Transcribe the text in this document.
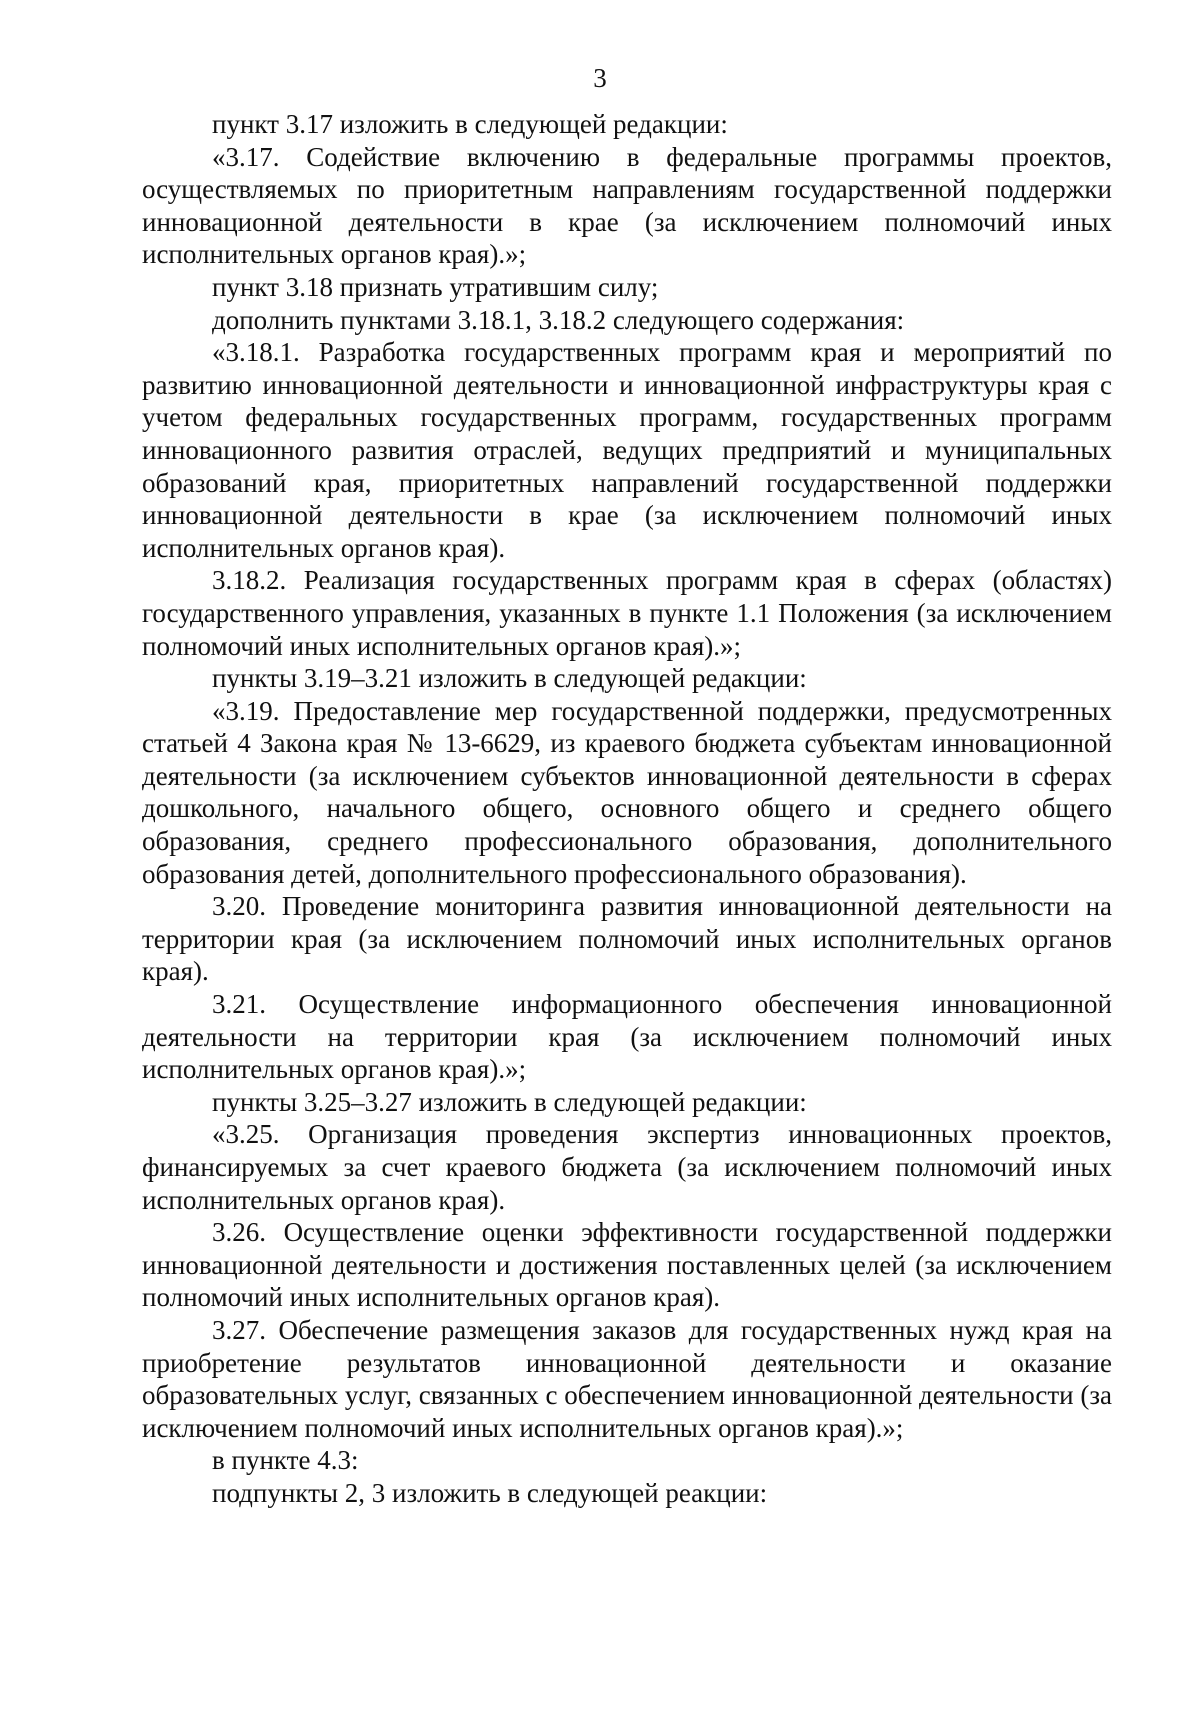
3

пункт 3.17 изложить в следующей редакции:

«3.17. Содействие включению в федеральные программы проектов, осуществляемых по приоритетным направлениям государственной поддержки инновационной деятельности в крае (за исключением полномочий иных исполнительных органов края).»;

пункт 3.18 признать утратившим силу;

дополнить пунктами 3.18.1, 3.18.2 следующего содержания:

«3.18.1. Разработка государственных программ края и мероприятий по развитию инновационной деятельности и инновационной инфраструктуры края с учетом федеральных государственных программ, государственных программ инновационного развития отраслей, ведущих предприятий и муниципальных образований края, приоритетных направлений государственной поддержки инновационной деятельности в крае (за исключением полномочий иных исполнительных органов края).

3.18.2. Реализация государственных программ края в сферах (областях) государственного управления, указанных в пункте 1.1 Положения (за исключением полномочий иных исполнительных органов края).»;

пункты 3.19–3.21 изложить в следующей редакции:

«3.19. Предоставление мер государственной поддержки, предусмотренных статьей 4 Закона края № 13-6629, из краевого бюджета субъектам инновационной деятельности (за исключением субъектов инновационной деятельности в сферах дошкольного, начального общего, основного общего и среднего общего образования, среднего профессионального образования, дополнительного образования детей, дополнительного профессионального образования).

3.20. Проведение мониторинга развития инновационной деятельности на территории края (за исключением полномочий иных исполнительных органов края).

3.21. Осуществление информационного обеспечения инновационной деятельности на территории края (за исключением полномочий иных исполнительных органов края).»;

пункты 3.25–3.27 изложить в следующей редакции:

«3.25. Организация проведения экспертиз инновационных проектов, финансируемых за счет краевого бюджета (за исключением полномочий иных исполнительных органов края).

3.26. Осуществление оценки эффективности государственной поддержки инновационной деятельности и достижения поставленных целей (за исключением полномочий иных исполнительных органов края).

3.27. Обеспечение размещения заказов для государственных нужд края на приобретение результатов инновационной деятельности и оказание образовательных услуг, связанных с обеспечением инновационной деятельности (за исключением полномочий иных исполнительных органов края).»;

в пункте 4.3:

подпункты 2, 3 изложить в следующей реакции:
